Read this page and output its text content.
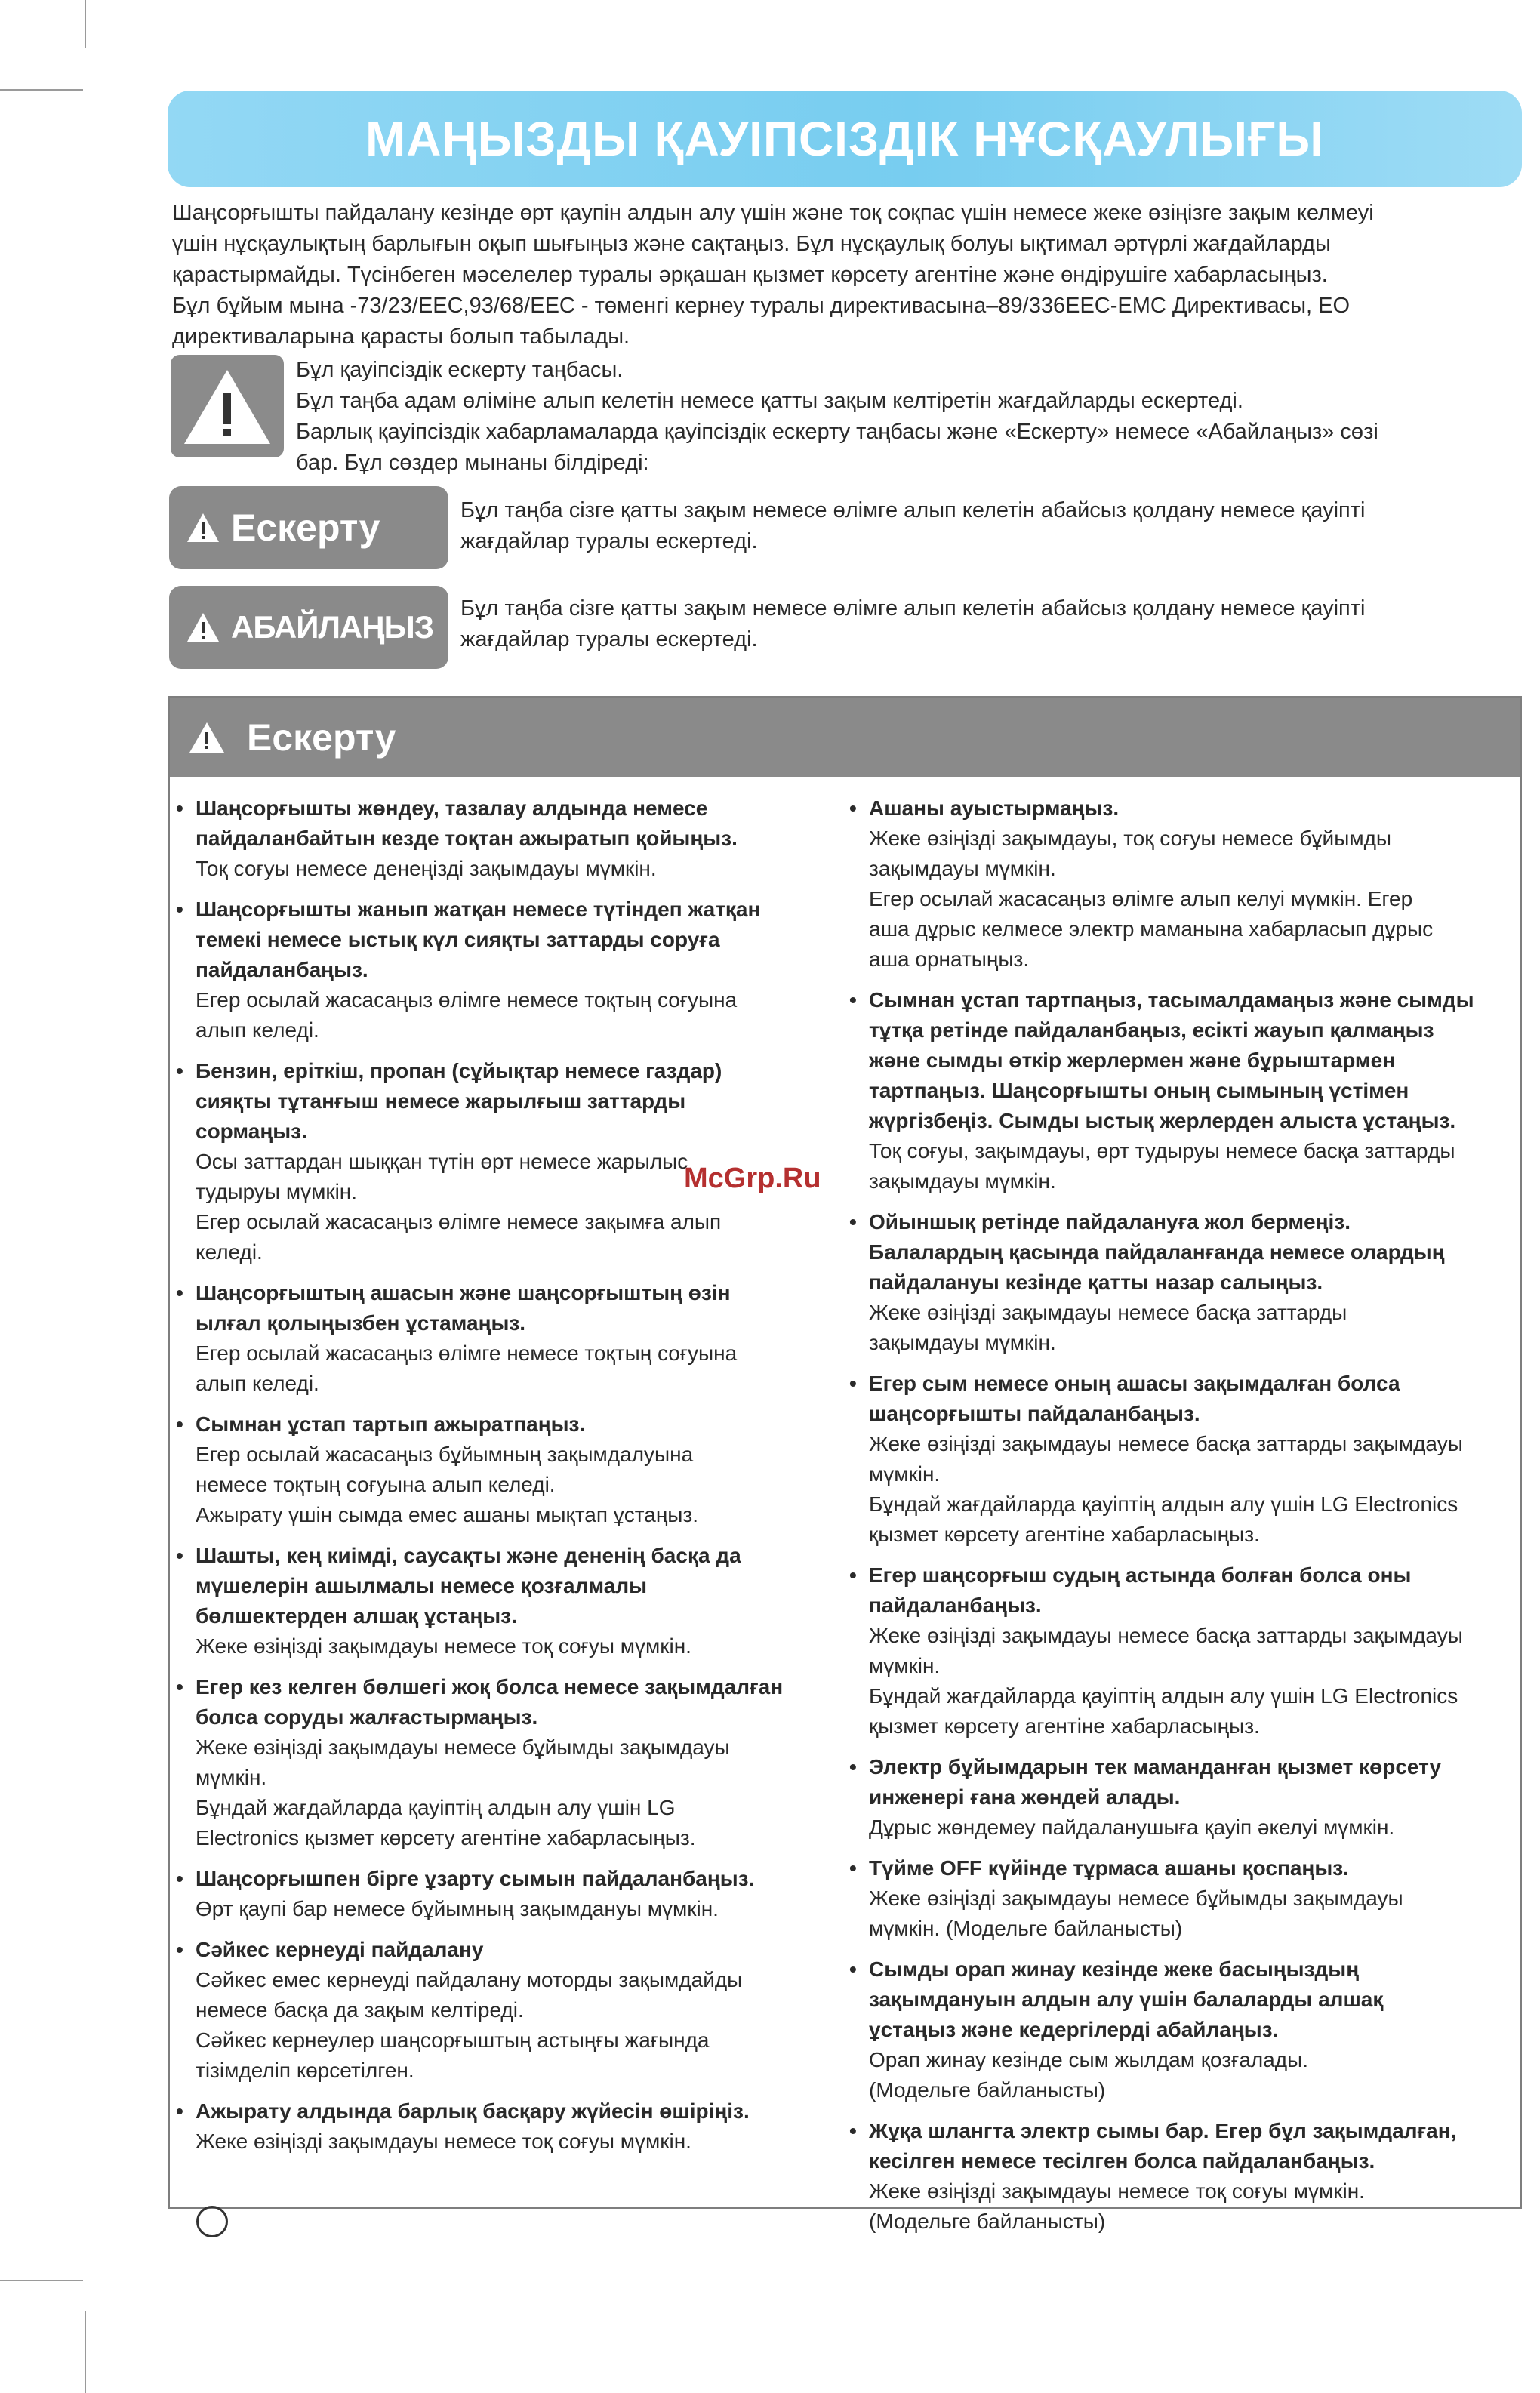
МАҢЫЗДЫ ҚАУІПСІЗДІК НҰСҚАУЛЫҒЫ

Шаңсорғышты пайдалану кезінде өрт қаупін алдын алу үшін және тоқ соқпас үшін немесе жеке өзіңізге зақым келмеуі

үшін нұсқаулықтың барлығын оқып шығыңыз және сақтаңыз. Бұл нұсқаулық болуы ықтимал әртүрлі жағдайларды

қарастырмайды. Түсінбеген мәселелер туралы әрқашан қызмет көрсету агентіне және өндірушіге хабарласыңыз.

Бұл бұйым мына -73/23/EEC,93/68/EEC - төменгі кернеу туралы директивасына–89/336EEC-EMC Директивасы, ЕО

директиваларына қарасты болып табылады.

Бұл қауіпсіздік ескерту таңбасы.

Бұл таңба адам өліміне алып келетін немесе қатты зақым келтіретін жағдайларды ескертеді.

Барлық қауіпсіздік хабарламаларда қауіпсіздік ескерту таңбасы және «Ескерту» немесе «Абайлаңыз» сөзі

бар. Бұл сөздер мынаны білдіреді:

Ескерту	Бұл таңба сізге қатты зақым немесе өлімге алып келетін абайсыз қолдану немесе қауіпті
жағдайлар туралы ескертеді.
АБАЙЛАҢЫЗ
Бұл таңба сізге қатты зақым немесе өлімге алып келетін абайсыз қолдану немесе қауіпті
жағдайлар туралы ескертеді.
Ескерту
• Шаңсорғышты жөндеу, тазалау алдында немесе
пайдаланбайтын кезде тоқтан ажыратып қойыңыз.
Тоқ соғуы немесе денеңізді зақымдауы мүмкін.
• Шаңсорғышты жанып жатқан немесе түтіндеп жатқан
темекі немесе ыстық күл сияқты заттарды соруға
пайдаланбаңыз.
Егер осылай жасасаңыз өлімге немесе тоқтың соғуына
алып келеді.
• Бензин, еріткіш, пропан (сұйықтар немесе газдар)
сияқты тұтанғыш немесе жарылғыш заттарды
сормаңыз.
Осы заттардан шыққан түтін өрт немесе жарылыс
тудыруы мүмкін.
Егер осылай жасасаңыз өлімге немесе зақымға алып
келеді.
• Шаңсорғыштың ашасын және шаңсорғыштың өзін
ылғал қолыңызбен ұстамаңыз.
Егер осылай жасасаңыз өлімге немесе тоқтың соғуына
алып келеді.
• Сымнан ұстап тартып ажыратпаңыз.
Егер осылай жасасаңыз бұйымның зақымдалуына
немесе тоқтың соғуына алып келеді.
Ажырату үшін сымда емес ашаны мықтап ұстаңыз.
• Шашты, кең киімді, саусақты және дененің басқа да
мүшелерін ашылмалы немесе қозғалмалы
бөлшектерден алшақ ұстаңыз.
Жеке өзіңізді зақымдауы немесе тоқ соғуы мүмкін.
• Егер кез келген бөлшегі жоқ болса немесе зақымдалған
болса соруды жалғастырмаңыз.
Жеке өзіңізді зақымдауы немесе бұйымды зақымдауы
мүмкін.
Бұндай жағдайларда қауіптің алдын алу үшін LG
Electronics қызмет көрсету агентіне хабарласыңыз.
• Шаңсорғышпен бірге ұзарту сымын пайдаланбаңыз.
Өрт қаупі бар немесе бұйымның зақымдануы мүмкін.
• Сәйкес кернеуді пайдалану
Сәйкес емес кернеуді пайдалану моторды зақымдайды
немесе басқа да зақым келтіреді.
Сәйкес кернеулер шаңсорғыштың астыңғы жағында
тізімделіп көрсетілген.
• Ажырату алдында барлық басқару жүйесін өшіріңіз.
Жеке өзіңізді зақымдауы немесе тоқ соғуы мүмкін.
• Ашаны ауыстырмаңыз.
Жеке өзіңізді зақымдауы, тоқ соғуы немесе бұйымды
зақымдауы мүмкін.
Егер осылай жасасаңыз өлімге алып келуі мүмкін. Егер
аша дұрыс келмесе электр маманына хабарласып дұрыс
аша орнатыңыз.
• Сымнан ұстап тартпаңыз, тасымалдамаңыз және сымды
тұтқа ретінде пайдаланбаңыз, есікті жауып қалмаңыз
және сымды өткір жерлермен және бұрыштармен
тартпаңыз. Шаңсорғышты оның сымының үстімен
жүргізбеңіз. Сымды ыстық жерлерден алыста ұстаңыз.
Тоқ соғуы, зақымдауы, өрт тудыруы немесе басқа заттарды
зақымдауы мүмкін.
• Ойыншық ретінде пайдалануға жол бермеңіз.
Балалардың қасында пайдаланғанда немесе олардың
пайдалануы кезінде қатты назар салыңыз.
Жеке өзіңізді зақымдауы немесе басқа заттарды
зақымдауы мүмкін.
• Егер сым немесе оның ашасы зақымдалған болса
шаңсорғышты пайдаланбаңыз.
Жеке өзіңізді зақымдауы немесе басқа заттарды зақымдауы
мүмкін.
Бұндай жағдайларда қауіптің алдын алу үшін LG Electronics
қызмет көрсету агентіне хабарласыңыз.
• Егер шаңсорғыш судың астында болған болса оны
пайдаланбаңыз.
Жеке өзіңізді зақымдауы немесе басқа заттарды зақымдауы
мүмкін.
Бұндай жағдайларда қауіптің алдын алу үшін LG Electronics
қызмет көрсету агентіне хабарласыңыз.
• Электр бұйымдарын тек маманданған қызмет көрсету
инженері ғана жөндей алады.
Дұрыс жөндемеу пайдаланушыға қауіп әкелуі мүмкін.
• Түйме OFF күйінде тұрмаса ашаны қоспаңыз.
Жеке өзіңізді зақымдауы немесе бұйымды зақымдауы
мүмкін. (Модельге байланысты)
• Сымды орап жинау кезінде жеке басыңыздың
зақымдануын алдын алу үшін балаларды алшақ
ұстаңыз және кедергілерді абайлаңыз.
Орап жинау кезінде сым жылдам қозғалады.
(Модельге байланысты)
• Жұқа шлангта электр сымы бар. Егер бұл зақымдалған,
кесілген немесе тесілген болса пайдаланбаңыз.
Жеке өзіңізді зақымдауы немесе тоқ соғуы мүмкін.
(Модельге байланысты)
McGrp.Ru
